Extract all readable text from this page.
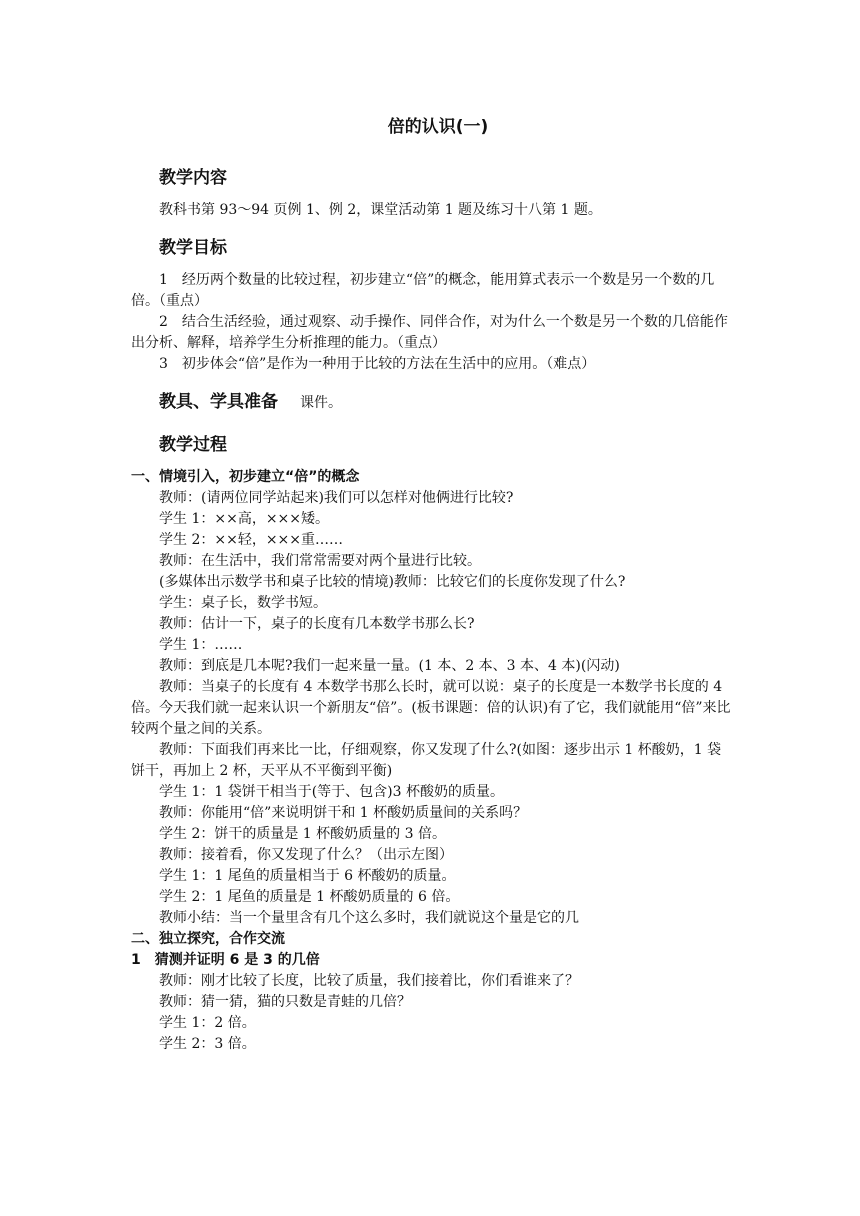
倍的认识(一)
教学内容

教科书第 93～94 页例 1、例 2，课堂活动第 1 题及练习十八第 1 题。

教学目标

1　经历两个数量的比较过程，初步建立“倍”的概念，能用算式表示一个数是另一个数的几倍。（重点）

2　结合生活经验，通过观察、动手操作、同伴合作，对为什么一个数是另一个数的几倍能作出分析、解释，培养学生分析推理的能力。（重点）

3　初步体会“倍”是作为一种用于比较的方法在生活中的应用。（难点）

教具、学具准备 课件。
教学过程

一、情境引入，初步建立“倍”的概念

教师：(请两位同学站起来)我们可以怎样对他俩进行比较?

学生 1：××高，×××矮。

学生 2：××轻，×××重……

教师：在生活中，我们常常需要对两个量进行比较。

(多媒体出示数学书和桌子比较的情境)教师：比较它们的长度你发现了什么?

学生：桌子长，数学书短。

教师：估计一下，桌子的长度有几本数学书那么长?

学生 1：……

教师：到底是几本呢?我们一起来量一量。(1 本、2 本、3 本、4 本)(闪动)

教师：当桌子的长度有 4 本数学书那么长时，就可以说：桌子的长度是一本数学书长度的 4 倍。今天我们就一起来认识一个新朋友“倍”。(板书课题：倍的认识)有了它，我们就能用“倍”来比较两个量之间的关系。

教师：下面我们再来比一比，仔细观察，你又发现了什么?(如图：逐步出示 1 杯酸奶，1 袋饼干，再加上 2 杯，天平从不平衡到平衡)

学生 1：1 袋饼干相当于(等于、包含)3 杯酸奶的质量。

教师：你能用“倍”来说明饼干和 1 杯酸奶质量间的关系吗？

学生 2：饼干的质量是 1 杯酸奶质量的 3 倍。

教师：接着看，你又发现了什么？（出示左图）

学生 1：1 尾鱼的质量相当于 6 杯酸奶的质量。

学生 2：1 尾鱼的质量是 1 杯酸奶质量的 6 倍。

教师小结：当一个量里含有几个这么多时，我们就说这个量是它的几

二、独立探究，合作交流

1　猜测并证明 6 是 3 的几倍

教师：刚才比较了长度，比较了质量，我们接着比，你们看谁来了？

教师：猜一猜，猫的只数是青蛙的几倍？

学生 1：2 倍。

学生 2：3 倍。
